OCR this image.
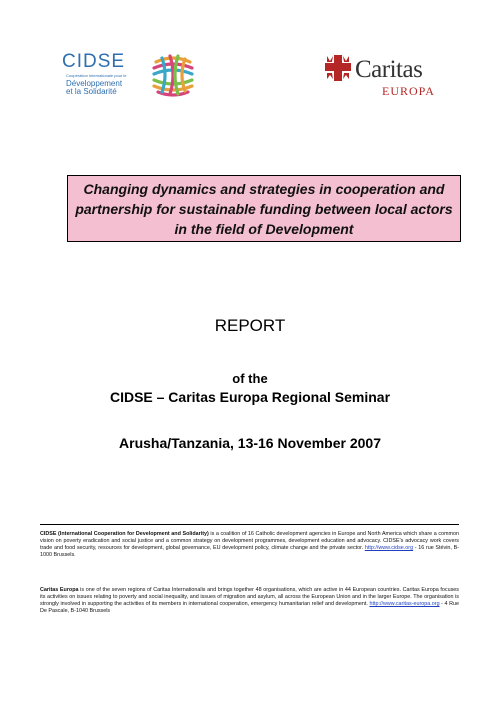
CIDSE
Coopération Internationale pour le
Développement
et la Solidarité
Caritas
EUROPA
Changing dynamics and strategies in cooperation and partnership for sustainable funding between local actors in the field of Development
REPORT
of the
CIDSE – Caritas Europa Regional Seminar
Arusha/Tanzania, 13-16 November 2007
CIDSE (International Cooperation for Development and Solidarity) is a coalition of 16 Catholic development agencies in Europe and North America which share a common vision on poverty eradication and social justice and a common strategy on development programmes, development education and advocacy. CIDSE's advocacy work covers trade and food security, resources for development, global governance, EU development policy, climate change and the private sector. http://www.cidse.org - 16 rue Stévin, B-1000 Brussels.
Caritas Europa is one of the seven regions of Caritas Internationalis and brings together 48 organisations, which are active in 44 European countries. Caritas Europa focuses its activities on issues relating to poverty and social inequality, and issues of migration and asylum, all across the European Union and in the larger Europe. The organisation is strongly involved in supporting the activities of its members in international cooperation, emergency humanitarian relief and development. http://www.caritas-europa.org - 4 Rue De Pascale, B-1040 Brussels
